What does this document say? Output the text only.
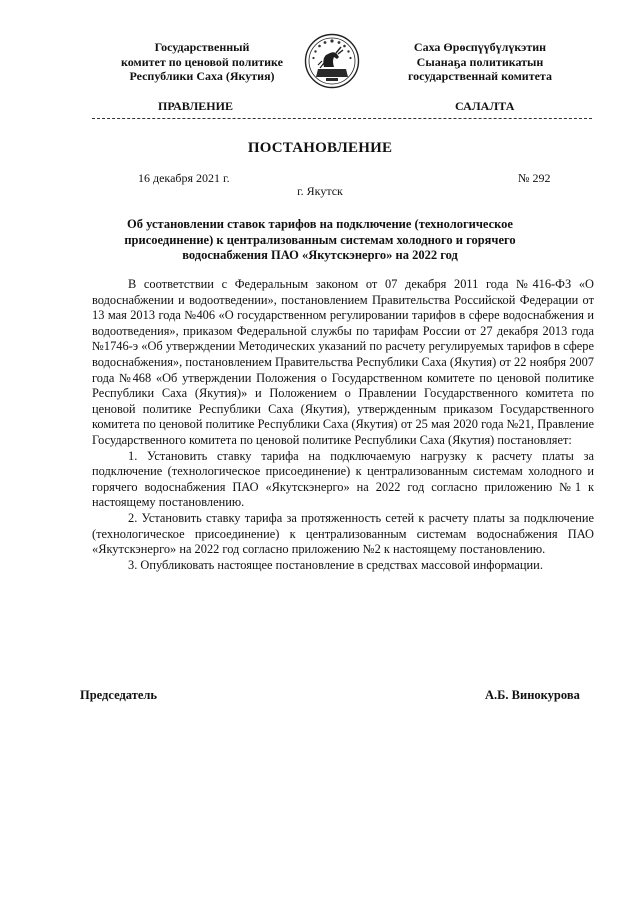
Государственный
комитет по ценовой политике
Республики Саха (Якутия)
Саха Өрөспүүбүлүкэтин
Сыанаҕа политикатын
государственнай комитета
ПРАВЛЕНИЕ	САЛАЛТА
ПОСТАНОВЛЕНИЕ
16 декабря 2021 г.	№ 292
г. Якутск
Об установлении ставок тарифов на подключение (технологическое присоединение) к централизованным системам холодного и горячего водоснабжения ПАО «Якутскэнерго» на 2022 год

В соответствии с Федеральным законом от 07 декабря 2011 года №416-ФЗ «О водоснабжении и водоотведении», постановлением Правительства Российской Федерации от 13 мая 2013 года №406 «О государственном регулировании тарифов в сфере водоснабжения и водоотведения», приказом Федеральной службы по тарифам России от 27 декабря 2013 года №1746-э «Об утверждении Методических указаний по расчету регулируемых тарифов в сфере водоснабжения», постановлением Правительства Республики Саха (Якутия) от 22 ноября 2007 года №468 «Об утверждении Положения о Государственном комитете по ценовой политике Республики Саха (Якутия)» и Положением о Правлении Государственного комитета по ценовой политике Республики Саха (Якутия), утвержденным приказом Государственного комитета по ценовой политике Республики Саха (Якутия) от 25 мая 2020 года №21, Правление Государственного комитета по ценовой политике Республики Саха (Якутия) постановляет:

1. Установить ставку тарифа на подключаемую нагрузку к расчету платы за подключение (технологическое присоединение) к централизованным системам холодного и горячего водоснабжения ПАО «Якутскэнерго» на 2022 год согласно приложению №1 к настоящему постановлению.

2. Установить ставку тарифа за протяженность сетей к расчету платы за подключение (технологическое присоединение) к централизованным системам водоснабжения ПАО «Якутскэнерго» на 2022 год согласно приложению №2 к настоящему постановлению.

3. Опубликовать настоящее постановление в средствах массовой информации.

Председатель	А.Б. Винокурова
